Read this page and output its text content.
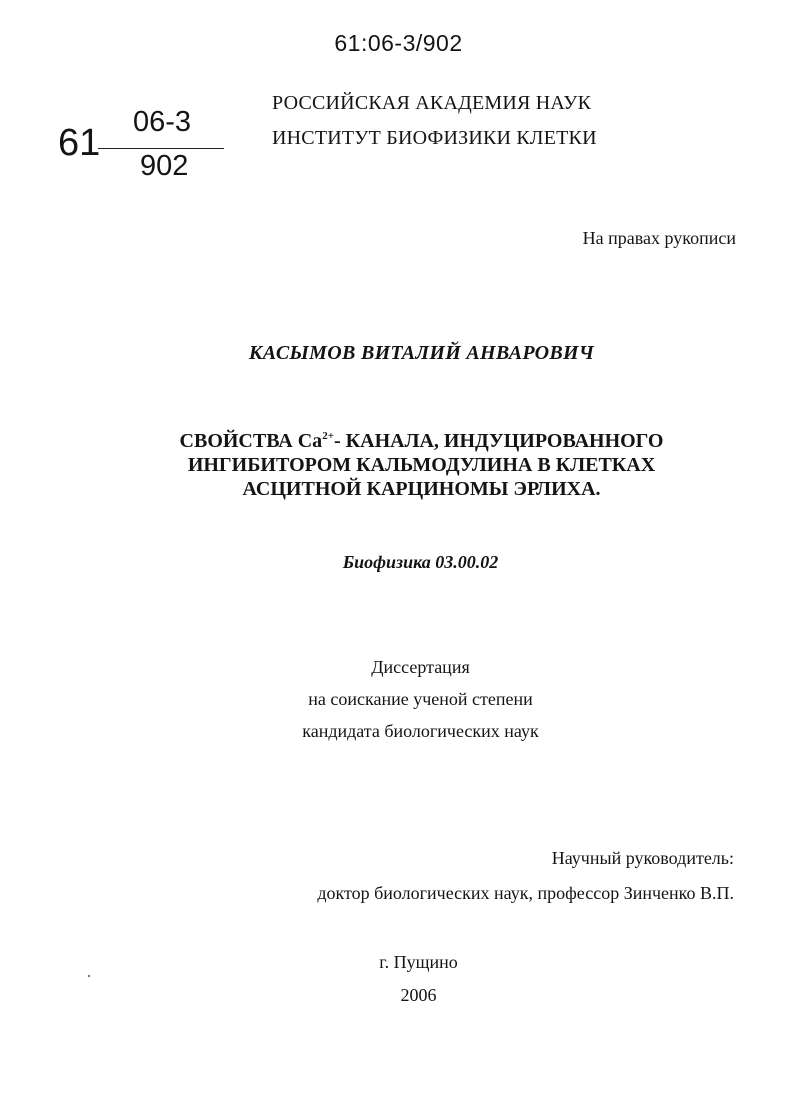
61:06-3/902
61 06-3
902
РОССИЙСКАЯ АКАДЕМИЯ НАУК
ИНСТИТУТ БИОФИЗИКИ КЛЕТКИ
На правах рукописи
КАСЫМОВ ВИТАЛИЙ АНВАРОВИЧ
СВОЙСТВА $Ca^{2+}-$ КАНАЛА, ИНДУЦИРОВАННОГО
ИНГИБИТОРОМ КАЛЬМОДУЛИНА В КЛЕТКАХ
АСЦИТНОЙ КАРЦИНОМЫ ЭРЛИХА.
Биофизика 03.00.02
Диссертация
на соискание ученой степени
кандидата биологических наук
Научный руководитель:
доктор биологических наук, профессор Зинченко В.П.
г. Пущино
2006
